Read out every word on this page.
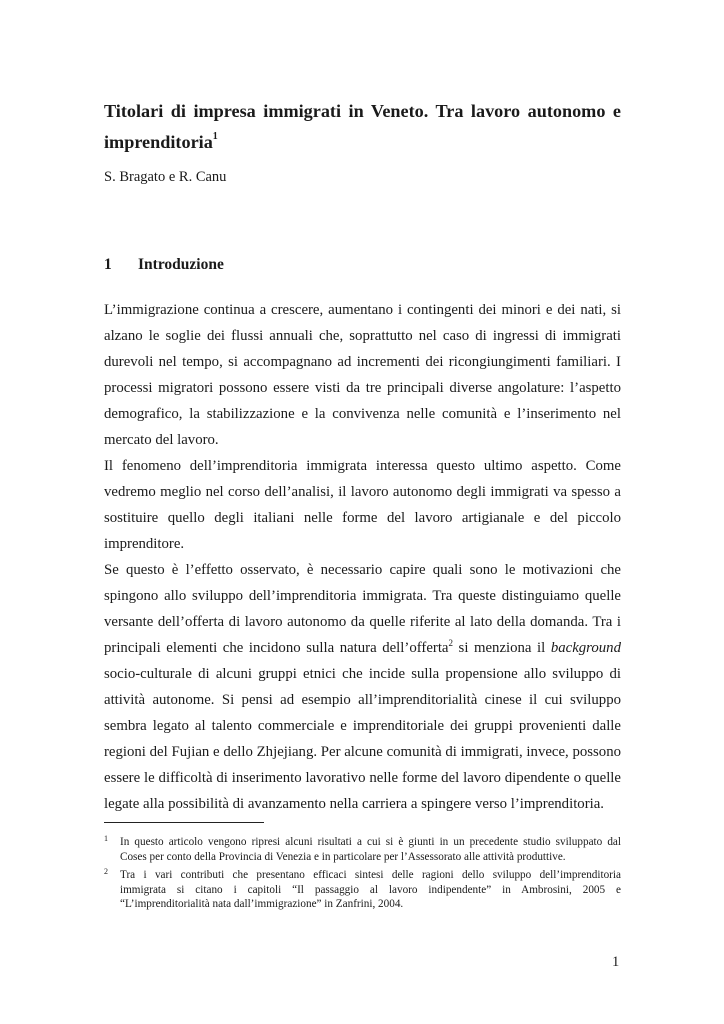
Titolari di impresa immigrati in Veneto. Tra lavoro autonomo e
imprenditoria$^1$

S. Bragato e R. Canu

1 Introduzione
L’immigrazione continua a crescere, aumentano i contingenti dei minori e dei nati, si
alzano le soglie dei flussi annuali che, soprattutto nel caso di ingressi di immigrati
durevoli nel tempo, si accompagnano ad incrementi dei ricongiungimenti familiari. I
processi migratori possono essere visti da tre principali diverse angolature: l’aspetto
demografico, la stabilizzazione e la convivenza nelle comunità e l’inserimento nel
mercato del lavoro.
Il fenomeno dell’imprenditoria immigrata interessa questo ultimo aspetto. Come
vedremo meglio nel corso dell’analisi, il lavoro autonomo degli immigrati va spesso a
sostituire quello degli italiani nelle forme del lavoro artigianale e del piccolo
imprenditore.
Se questo è l’effetto osservato, è necessario capire quali sono le motivazioni che
spingono allo sviluppo dell’imprenditoria immigrata. Tra queste distinguiamo quelle
versante dell’offerta di lavoro autonomo da quelle riferite al lato della domanda. Tra i
principali elementi che incidono sulla natura dell’offerta$^2$ si menziona il background
socio-culturale di alcuni gruppi etnici che incide sulla propensione allo sviluppo di
attività autonome. Si pensi ad esempio all’imprenditorialità cinese il cui sviluppo
sembra legato al talento commerciale e imprenditoriale dei gruppi provenienti dalle
regioni del Fujian e dello Zhjejiang. Per alcune comunità di immigrati, invece, possono
essere le difficoltà di inserimento lavorativo nelle forme del lavoro dipendente o quelle
legate alla possibilità di avanzamento nella carriera a spingere verso l’imprenditoria.
1 In questo articolo vengono ripresi alcuni risultati a cui si è giunti in un precedente studio sviluppato dal
Coses per conto della Provincia di Venezia e in particolare per l’Assessorato alle attività produttive.
2 Tra i vari contributi che presentano efficaci sintesi delle ragioni dello sviluppo dell’imprenditoria
immigrata si citano i capitoli “Il passaggio al lavoro indipendente” in Ambrosini, 2005 e
“L’imprenditorialità nata dall’immigrazione” in Zanfrini, 2004.
1
